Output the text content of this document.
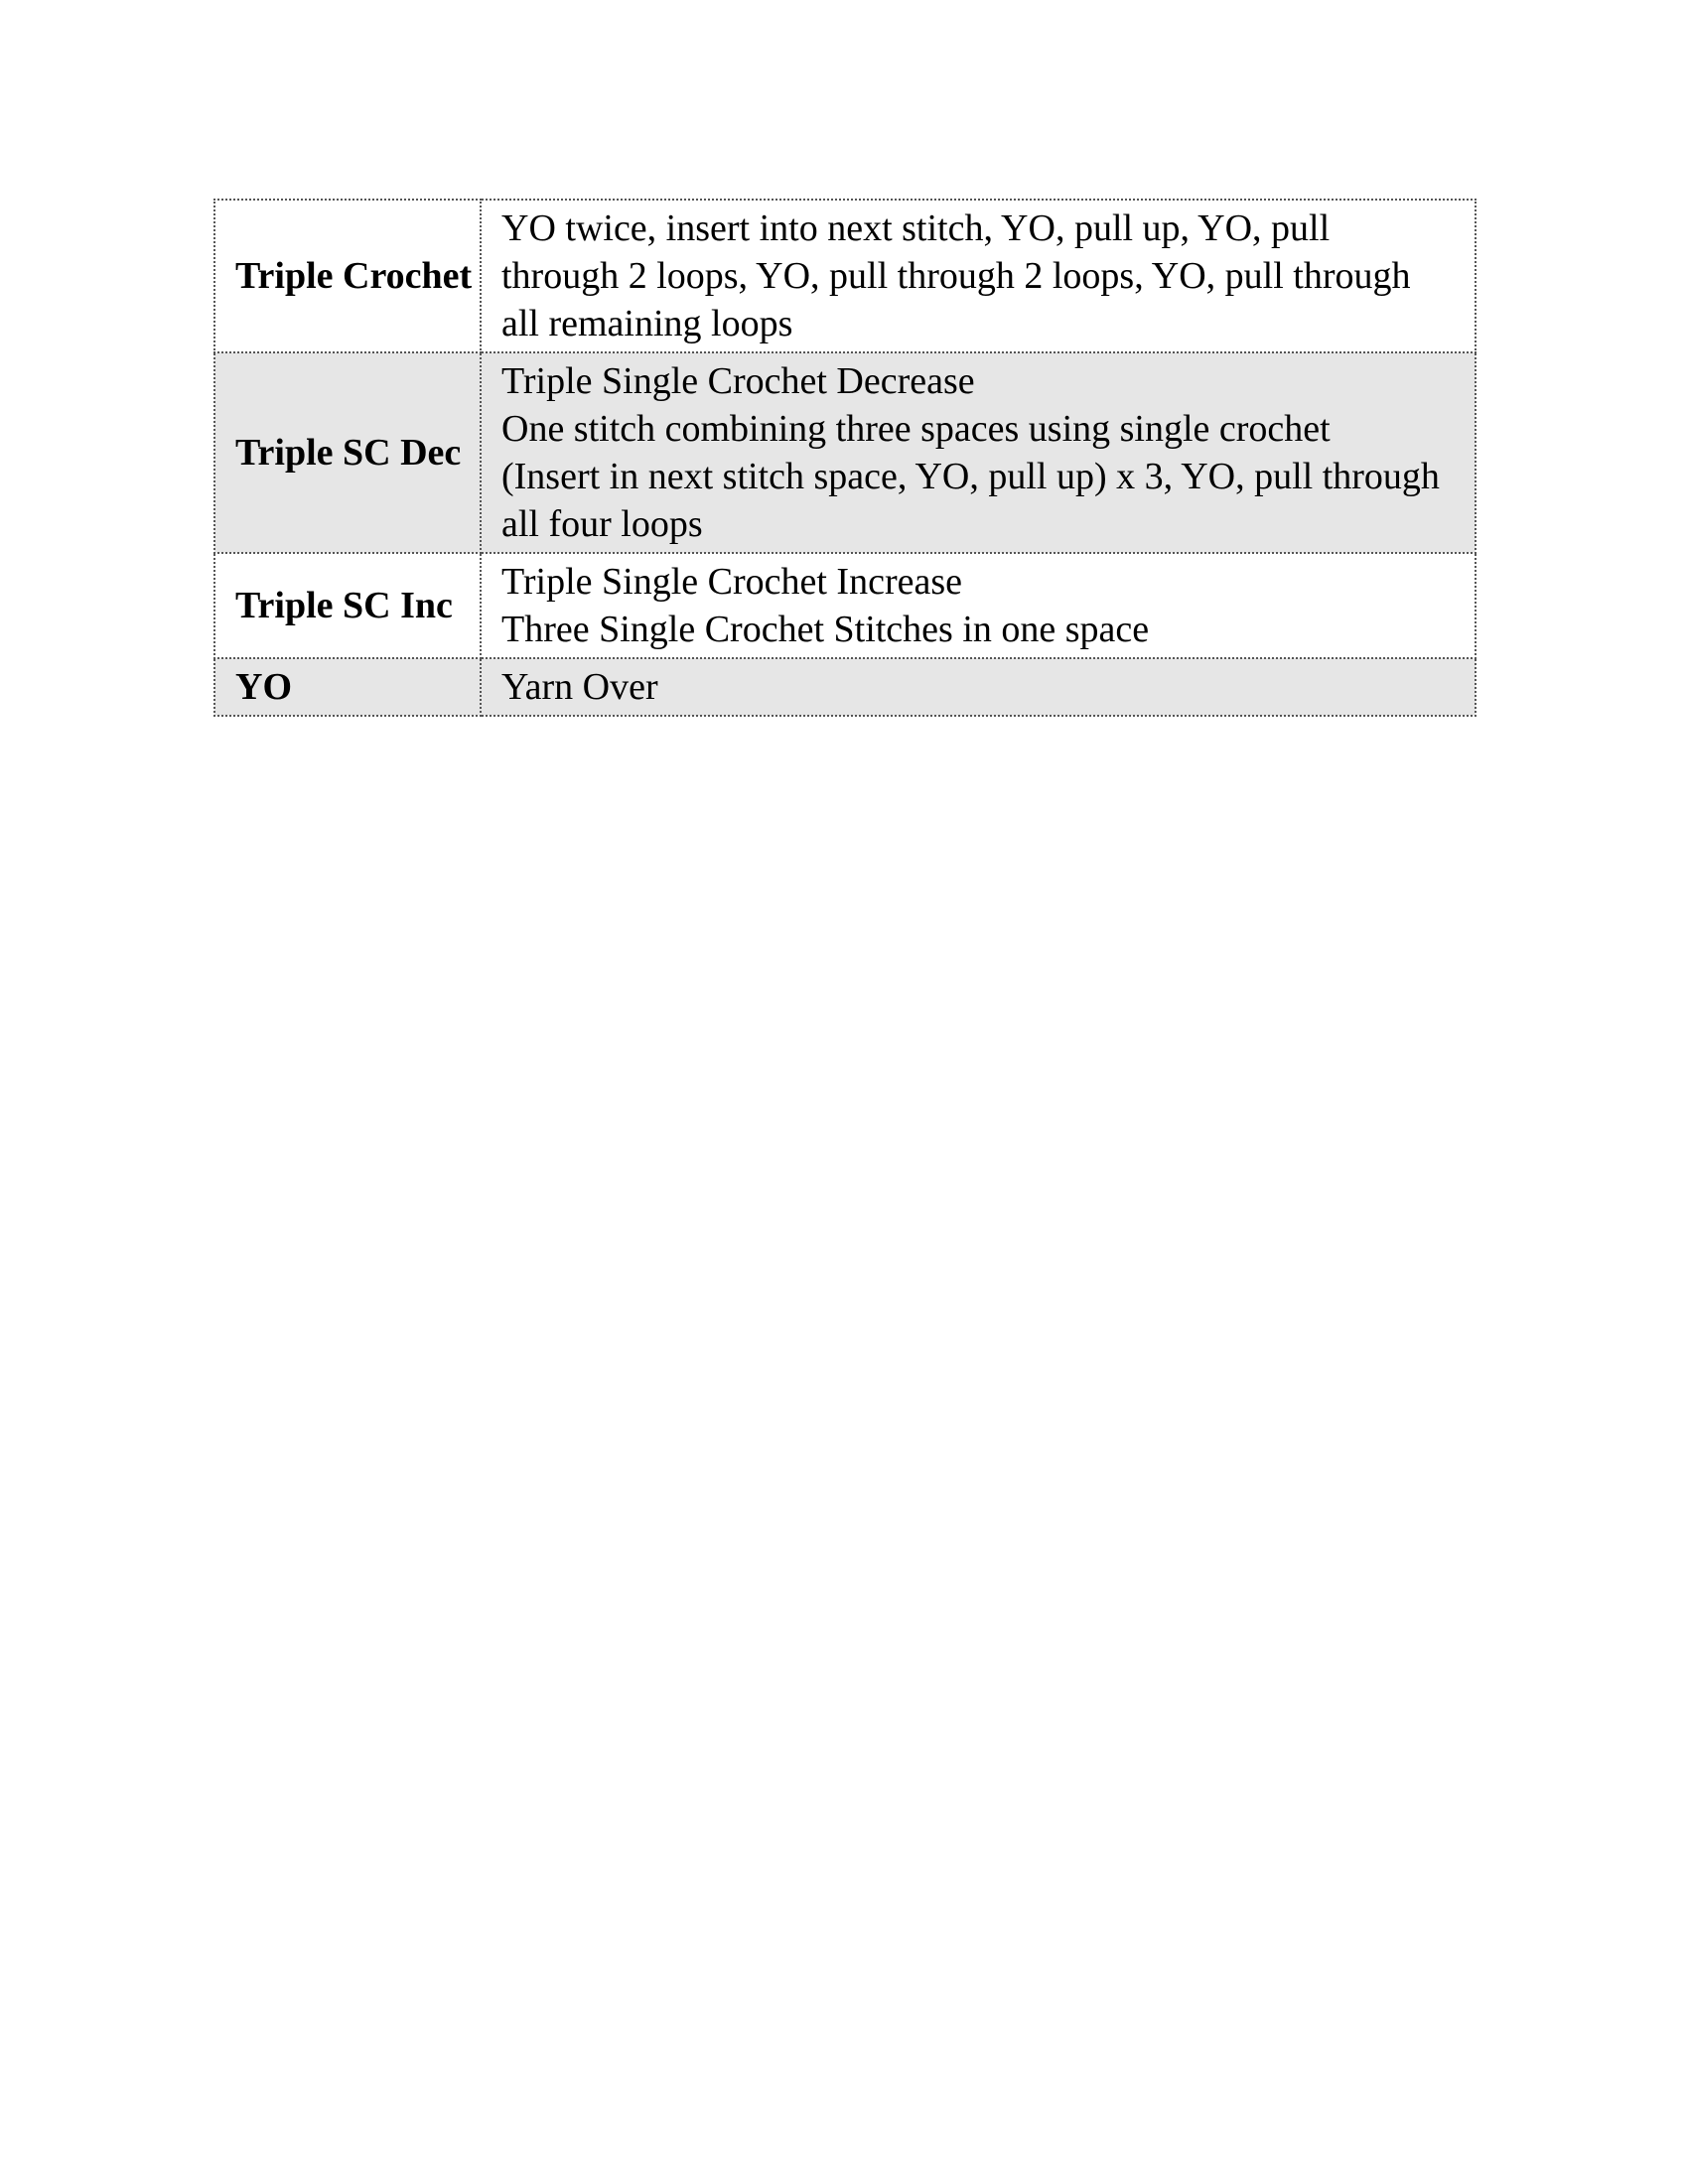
Triple Crochet	YO twice, insert into next stitch, YO, pull up, YO, pull through 2 loops, YO, pull through 2 loops, YO, pull through all remaining loops

Triple SC Dec	Triple Single Crochet Decrease
One stitch combining three spaces using single crochet
(Insert in next stitch space, YO, pull up) x 3, YO, pull through all four loops

Triple SC Inc	Triple Single Crochet Increase
Three Single Crochet Stitches in one space

YO	Yarn Over
